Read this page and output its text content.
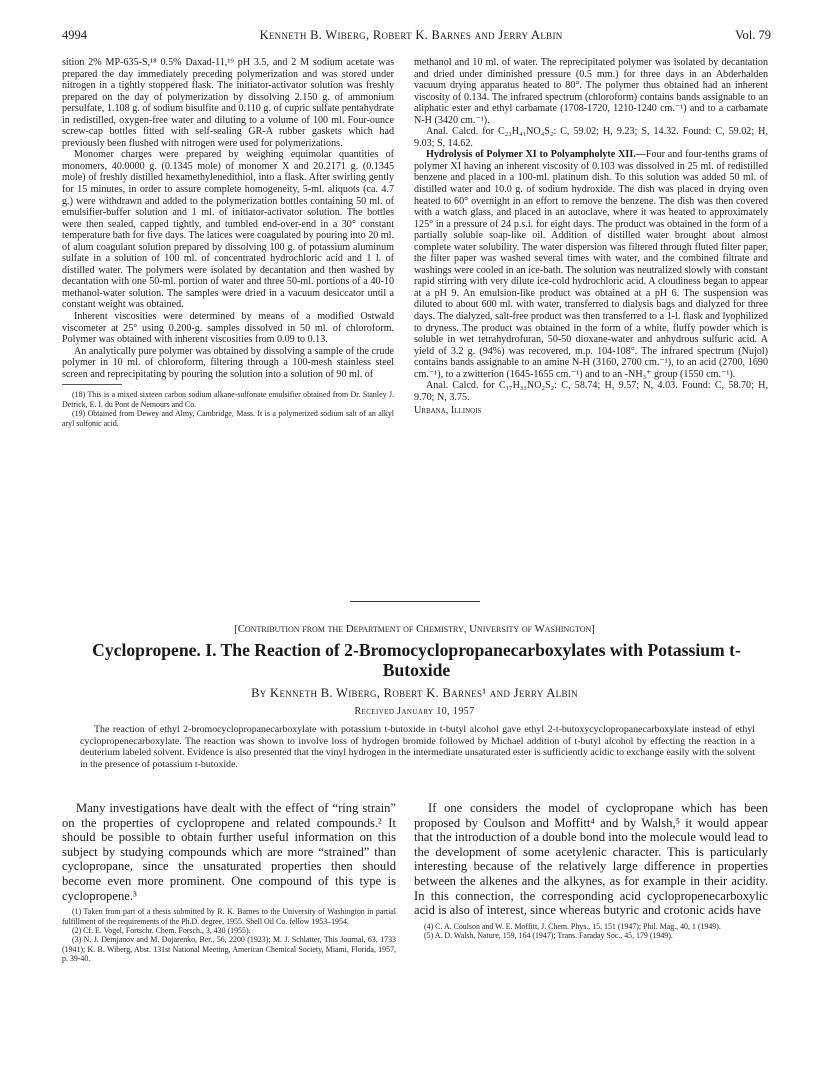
4994	Kenneth B. Wiberg, Robert K. Barnes and Jerry Albin	Vol. 79

sition 2% MP-635-S,¹⁸ 0.5% Daxad-11,¹⁹ pH 3.5, and 2 M sodium acetate was prepared the day immediately preceding polymerization and was stored under nitrogen in a tightly stoppered flask. The initiator-activator solution was freshly prepared on the day of polymerization by dissolving 2.150 g. of ammonium persulfate, 1.108 g. of sodium bisulfite and 0.110 g. of cupric sulfate pentahydrate in redistilled, oxygen-free water and diluting to a volume of 100 ml. Four-ounce screw-cap bottles fitted with self-sealing GR-A rubber gaskets which had previously been flushed with nitrogen were used for polymerizations.

Monomer charges were prepared by weighing equimolar quantities of monomers, 40.0000 g. (0.1345 mole) of monomer X and 20.2171 g. (0.1345 mole) of freshly distilled hexamethylenedithiol, into a flask. After swirling gently for 15 minutes, in order to assure complete homogeneity, 5-ml. aliquots (ca. 4.7 g.) were withdrawn and added to the polymerization bottles containing 50 ml. of emulsifier-buffer solution and 1 ml. of initiator-activator solution. The bottles were then sealed, capped tightly, and tumbled end-over-end in a 30° constant temperature bath for five days. The latices were coagulated by pouring into 20 ml. of alum coagulant solution prepared by dissolving 100 g. of potassium aluminum sulfate in a solution of 100 ml. of concentrated hydrochloric acid and 1 l. of distilled water. The polymers were isolated by decantation and then washed by decantation with one 50-ml. portion of water and three 50-ml. portions of a 40-10 methanol-water solution. The samples were dried in a vacuum desiccator until a constant weight was obtained.

Inherent viscosities were determined by means of a modified Ostwald viscometer at 25° using 0.200-g. samples dissolved in 50 ml. of chloroform. Polymer was obtained with inherent viscosities from 0.09 to 0.13.

An analytically pure polymer was obtained by dissolving a sample of the crude polymer in 10 ml. of chloroform, filtering through a 100-mesh stainless steel screen and reprecipitating by pouring the solution into a solution of 90 ml. of

(18) This is a mixed sixteen carbon sodium alkane-sulfonate emulsifier obtained from Dr. Stanley J. Detrick, E. I. du Pont de Nemours and Co.

(19) Obtained from Dewey and Almy, Cambridge, Mass. It is a polymerized sodium salt of an alkyl aryl sulfonic acid.

methanol and 10 ml. of water. The reprecipitated polymer was isolated by decantation and dried under diminished pressure (0.5 mm.) for three days in an Abderhalden vacuum drying apparatus heated to 80°. The polymer thus obtained had an inherent viscosity of 0.134. The infrared spectrum (chloroform) contains bands assignable to an aliphatic ester and ethyl carbamate (1708-1720, 1210-1240 cm.⁻¹) and to a carbamate N-H (3420 cm.⁻¹).

Anal. Calcd. for C₂₃H₄₁NO₄S₂: C, 59.02; H, 9.23; S, 14.32. Found: C, 59.02; H, 9.03; S, 14.62.

Hydrolysis of Polymer XI to Polyampholyte XII.—Four and four-tenths grams of polymer XI having an inherent viscosity of 0.103 was dissolved in 25 ml. of redistilled benzene and placed in a 100-ml. platinum dish. To this solution was added 50 ml. of distilled water and 10.0 g. of sodium hydroxide. The dish was placed in drying oven heated to 60° overnight in an effort to remove the benzene. The dish was then covered with a watch glass, and placed in an autoclave, where it was heated to approximately 125° in a pressure of 24 p.s.i. for eight days. The product was obtained in the form of a partially soluble soap-like oil. Addition of distilled water brought about almost complete water solubility. The water dispersion was filtered through fluted filter paper, the filter paper was washed several times with water, and the combined filtrate and washings were cooled in an ice-bath. The solution was neutralized slowly with constant rapid stirring with very dilute ice-cold hydrochloric acid. A cloudiness began to appear at a pH 9. An emulsion-like product was obtained at a pH 6. The suspension was diluted to about 600 ml. with water, transferred to dialysis bags and dialyzed for three days. The dialyzed, salt-free product was then transferred to a 1-l. flask and lyophilized to dryness. The product was obtained in the form of a white, fluffy powder which is soluble in wet tetrahydrofuran, 50-50 dioxane-water and anhydrous sulfuric acid. A yield of 3.2 g. (94%) was recovered, m.p. 104-108°. The infrared spectrum (Nujol) contains bands assignable to an amine N-H (3160, 2700 cm.⁻¹), to an acid (2700, 1690 cm.⁻¹), to a zwitterion (1645-1655 cm.⁻¹) and to an -NH₃⁺ group (1550 cm.⁻¹).

Anal. Calcd. for C₁₇H₃₃NO₂S₂: C, 58.74; H, 9.57; N, 4.03. Found: C, 58.70; H, 9.70; N, 3.75.

Urbana, Illinois

[Contribution from the Department of Chemistry, University of Washington]
Cyclopropene. I. The Reaction of 2-Bromocyclopropanecarboxylates with Potassium t-Butoxide
By Kenneth B. Wiberg, Robert K. Barnes¹ and Jerry Albin
Received January 10, 1957
The reaction of ethyl 2-bromocyclopropanecarboxylate with potassium t-butoxide in t-butyl alcohol gave ethyl 2-t-butoxycyclopropanecarboxylate instead of ethyl cyclopropenecarboxylate. The reaction was shown to involve loss of hydrogen bromide followed by Michael addition of t-butyl alcohol by effecting the reaction in a deuterium labeled solvent. Evidence is also presented that the vinyl hydrogen in the intermediate unsaturated ester is sufficiently acidic to exchange easily with the solvent in the presence of potassium t-butoxide.

Many investigations have dealt with the effect of “ring strain” on the properties of cyclopropene and related compounds.² It should be possible to obtain further useful information on this subject by studying compounds which are more “strained” than cyclopropane, since the unsaturated properties then should become even more prominent. One compound of this type is cyclopropene.³

(1) Taken from part of a thesis submitted by R. K. Barnes to the University of Washington in partial fulfillment of the requirements of the Ph.D. degree, 1955. Shell Oil Co. fellow 1953–1954.

(2) Cf. E. Vogel, Fortschr. Chem. Forsch., 3, 430 (1955).

(3) N. J. Demjanov and M. Dojarenko, Ber., 56, 2200 (1923); M. J. Schlatter, This Journal, 63, 1733 (1941); K. B. Wiberg, Abst. 131st National Meeting, American Chemical Society, Miami, Florida, 1957, p. 39-40.

If one considers the model of cyclopropane which has been proposed by Coulson and Moffitt⁴ and by Walsh,⁵ it would appear that the introduction of a double bond into the molecule would lead to the development of some acetylenic character. This is particularly interesting because of the relatively large difference in properties between the alkenes and the alkynes, as for example in their acidity. In this connection, the corresponding acid cyclopropenecarboxylic acid is also of interest, since whereas butyric and crotonic acids have

(4) C. A. Coulson and W. E. Moffitt, J. Chem. Phys., 15, 151 (1947); Phil. Mag., 40, 1 (1949).

(5) A. D. Walsh, Nature, 159, 164 (1947); Trans. Faraday Soc., 45, 179 (1949).
